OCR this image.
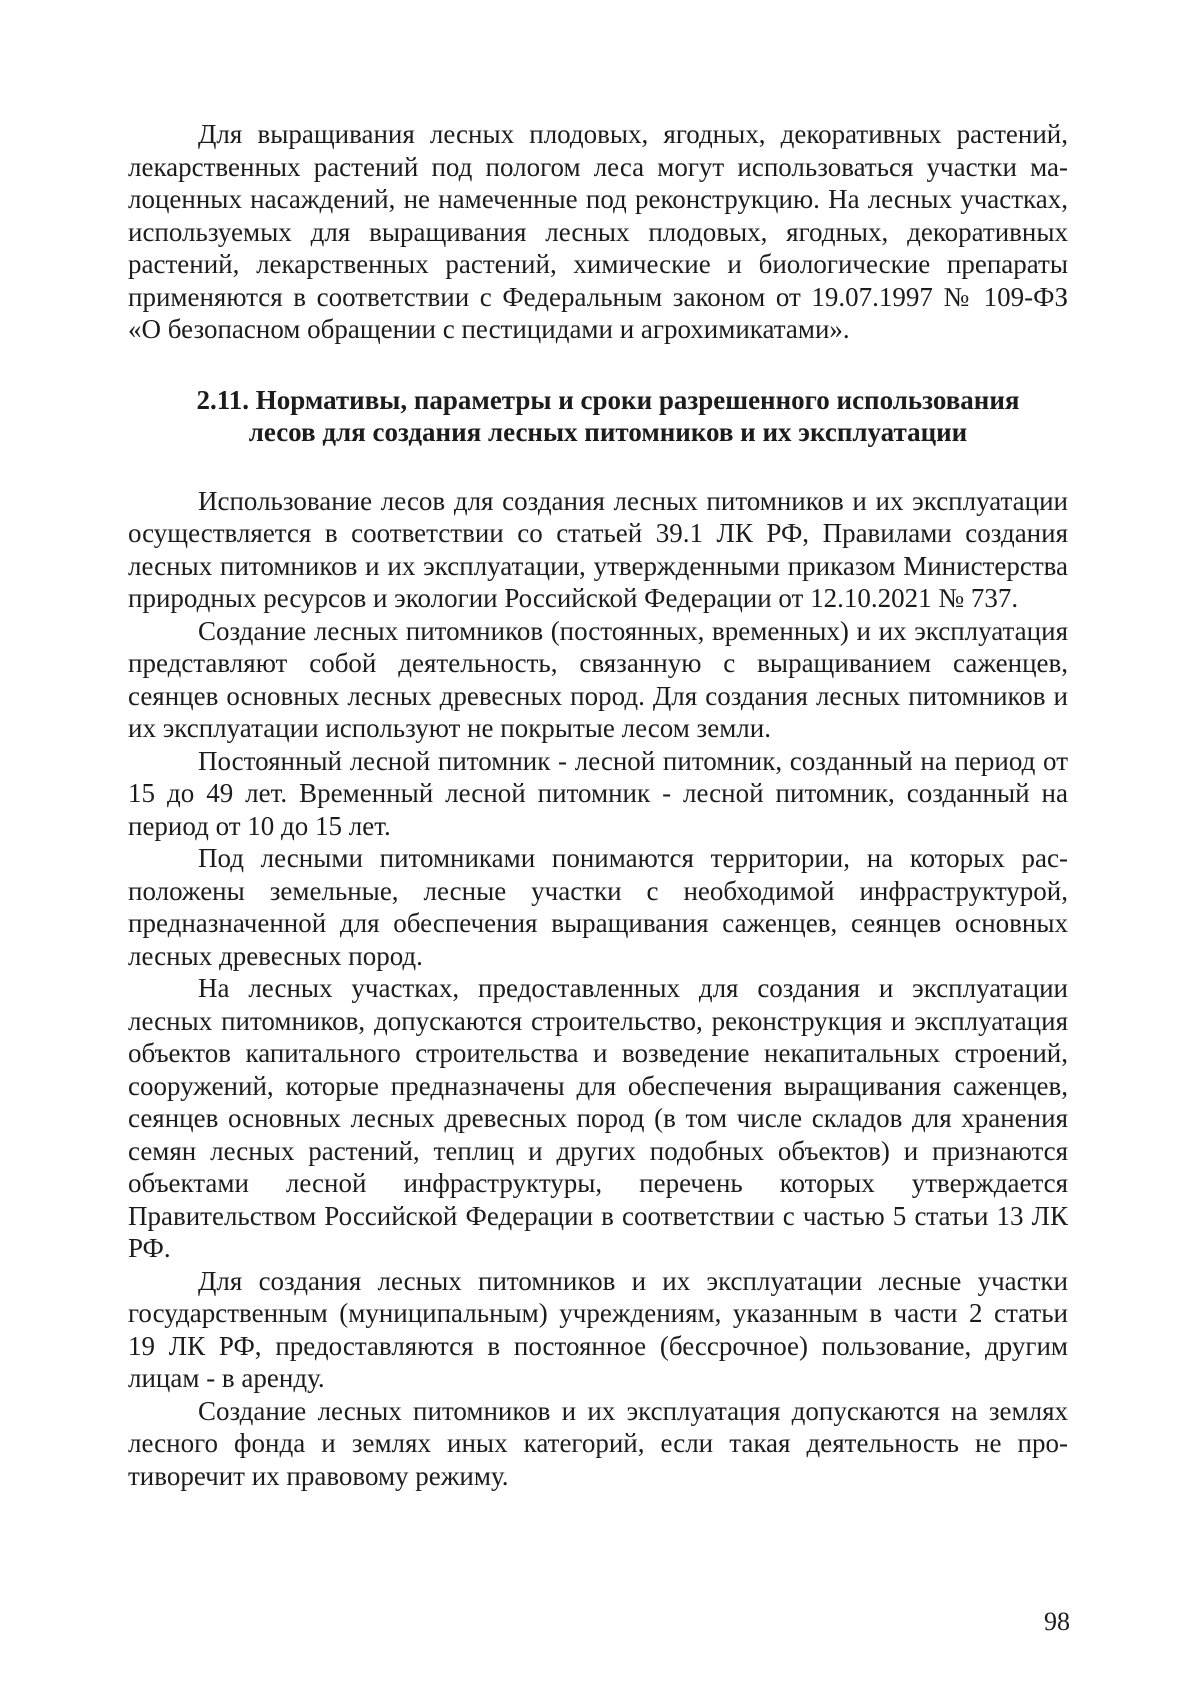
Для выращивания лесных плодовых, ягодных, декоративных растений, лекарственных растений под пологом леса могут использоваться участки малоценных насаждений, не намеченные под реконструкцию. На лесных участках, используемых для выращивания лесных плодовых, ягодных, декоративных растений, лекарственных растений, химические и биологические препараты применяются в соответствии с Федеральным законом от 19.07.1997 № 109-ФЗ «О безопасном обращении с пестицидами и агрохимикатами».

2.11. Нормативы, параметры и сроки разрешенного использования
лесов для создания лесных питомников и их эксплуатации

Использование лесов для создания лесных питомников и их эксплуатации осуществляется в соответствии со статьей 39.1 ЛК РФ, Правилами создания лесных питомников и их эксплуатации, утвержденными приказом Министерства природных ресурсов и экологии Российской Федерации от 12.10.2021 № 737.

Создание лесных питомников (постоянных, временных) и их эксплуатация представляют собой деятельность, связанную с выращиванием саженцев, сеянцев основных лесных древесных пород. Для создания лесных питомников и их эксплуатации используют не покрытые лесом земли.

Постоянный лесной питомник - лесной питомник, созданный на период от 15 до 49 лет. Временный лесной питомник - лесной питомник, созданный на период от 10 до 15 лет.

Под лесными питомниками понимаются территории, на которых расположены земельные, лесные участки с необходимой инфраструктурой, предназначенной для обеспечения выращивания саженцев, сеянцев основных лесных древесных пород.

На лесных участках, предоставленных для создания и эксплуатации лесных питомников, допускаются строительство, реконструкция и эксплуатация объектов капитального строительства и возведение некапитальных строений, сооружений, которые предназначены для обеспечения выращивания саженцев, сеянцев основных лесных древесных пород (в том числе складов для хранения семян лесных растений, теплиц и других подобных объектов) и признаются объектами лесной инфраструктуры, перечень которых утверждается Правительством Российской Федерации в соответствии с частью 5 статьи 13 ЛК РФ.

Для создания лесных питомников и их эксплуатации лесные участки государственным (муниципальным) учреждениям, указанным в части 2 статьи 19 ЛК РФ, предоставляются в постоянное (бессрочное) пользование, другим лицам - в аренду.

Создание лесных питомников и их эксплуатация допускаются на землях лесного фонда и землях иных категорий, если такая деятельность не противоречит их правовому режиму.

98
